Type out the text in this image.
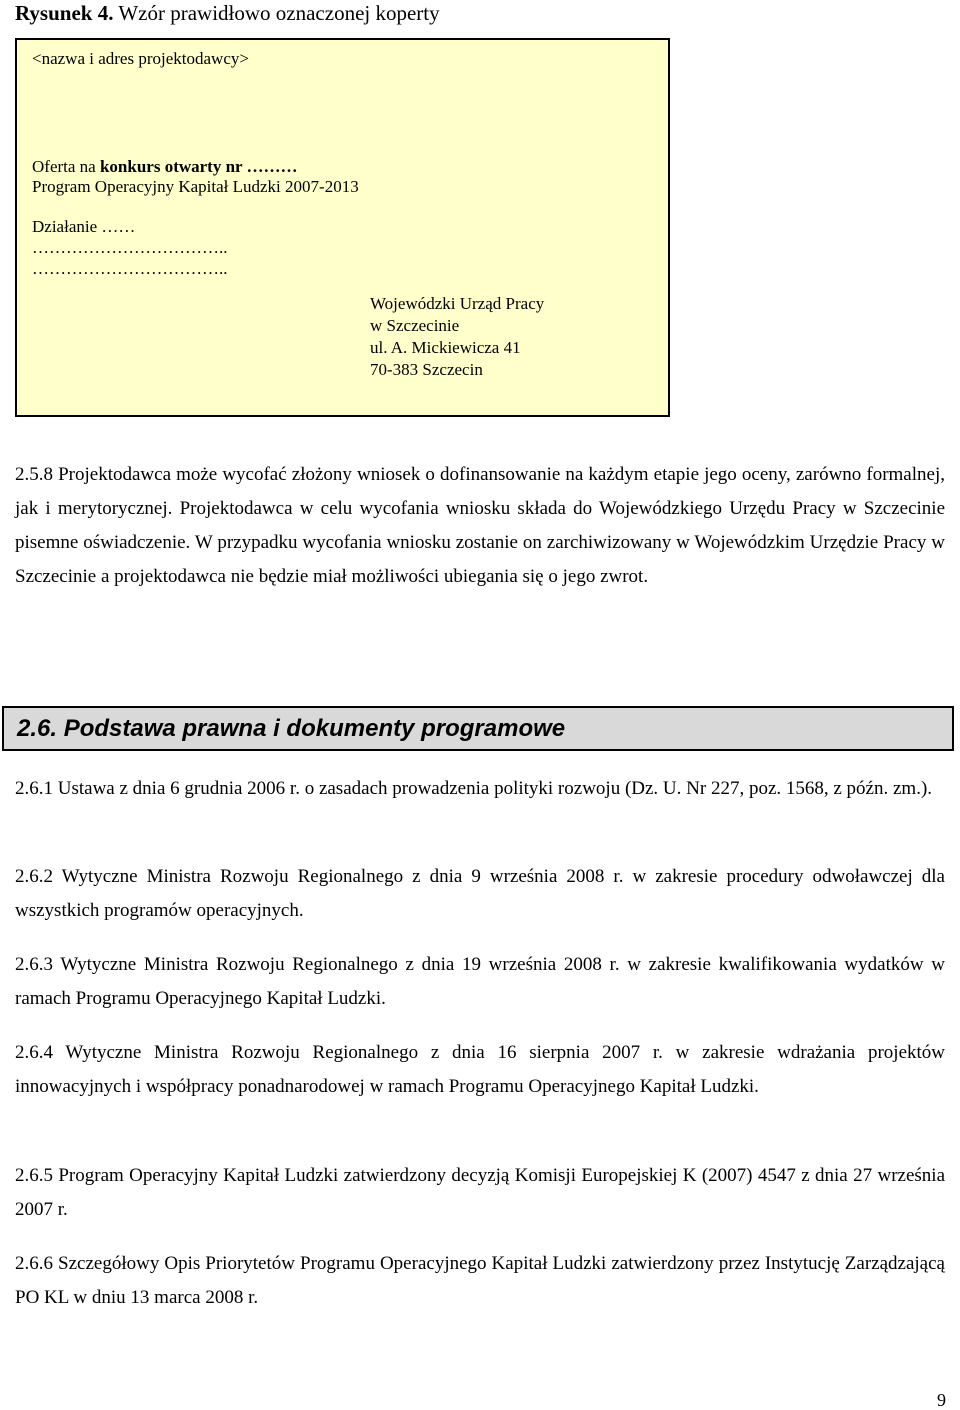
Rysunek 4. Wzór prawidłowo oznaczonej koperty
<nazwa i adres projektodawcy>
Oferta na konkurs otwarty nr ………
Program Operacyjny Kapitał Ludzki 2007-2013
Działanie ……
……………………………..
……………………………..
Wojewódzki Urząd Pracy
w Szczecinie
ul. A. Mickiewicza 41
70-383 Szczecin
2.5.8 Projektodawca może wycofać złożony wniosek o dofinansowanie na każdym etapie jego oceny, zarówno formalnej, jak i merytorycznej. Projektodawca w celu wycofania wniosku składa do Wojewódzkiego Urzędu Pracy w Szczecinie pisemne oświadczenie. W przypadku wycofania wniosku zostanie on zarchiwizowany w Wojewódzkim Urzędzie Pracy w Szczecinie a projektodawca nie będzie miał możliwości ubiegania się o jego zwrot.
2.6. Podstawa prawna i dokumenty programowe
2.6.1 Ustawa z dnia 6 grudnia 2006 r. o zasadach prowadzenia polityki rozwoju (Dz. U. Nr 227, poz. 1568, z późn. zm.).
2.6.2 Wytyczne Ministra Rozwoju Regionalnego z dnia 9 września 2008 r. w zakresie procedury odwoławczej dla wszystkich programów operacyjnych.
2.6.3 Wytyczne Ministra Rozwoju Regionalnego z dnia 19 września 2008 r. w zakresie kwalifikowania wydatków w ramach Programu Operacyjnego Kapitał Ludzki.
2.6.4 Wytyczne Ministra Rozwoju Regionalnego z dnia 16 sierpnia 2007 r. w zakresie wdrażania projektów innowacyjnych i współpracy ponadnarodowej w ramach Programu Operacyjnego Kapitał Ludzki.
2.6.5 Program Operacyjny Kapitał Ludzki zatwierdzony decyzją Komisji Europejskiej K (2007) 4547 z dnia 27 września 2007 r.
2.6.6 Szczegółowy Opis Priorytetów Programu Operacyjnego Kapitał Ludzki zatwierdzony przez Instytucję Zarządzającą PO KL w dniu 13 marca 2008 r.
9
